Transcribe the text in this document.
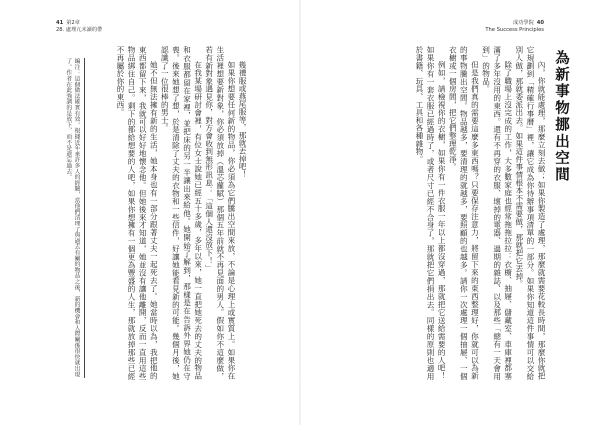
41 第2章
28. 處理亢未讀的帶

幾禮服或燕尾服等，那就丟掉吧！

如果你想要任何新的物品，你必須為它們騰出空間來放，不論是心理上或實質上。如果你在生活裡想要新對象，你必須放掉（溫芯蘿賦）那個五年前就不再見面的男人。假如你不這麼做，若有新對象遇見你，對方會收到無形訊息：「這個人還沒放下！」

在我某場研討會裡，有位女士說她已經五十多歲，多年以來，她一直把她死去的丈夫的物品和衣服都留在家裡，並把床的另一半讓出來給他。她開始了解到，那樣是在告訴外界她仍在守喪。後來她想了想，於是清除了丈夫的衣物和一些信件，好讓她能看見新的可能。幾個月後，她認識了一位很棒的男士。

她不但無法擁有新的生活，她本身也有一部分跟著丈夫一起死去了。她當時以為，我把他的東西都留下來，我就可以好好地懷念他。但她後來才知道，她並沒有讓他離開，反而一直用這些物品綁住自己。剩下的都給想要的人吧，如果你想擁有一個更為豐盛的人生，那就放掉那些已經不再屬於你的東西。

編注：這個做法確實有效。根據近年來許多人的經驗，當他們清理了與過去有關的物品之後，新的機會和人際關係很快就出現了。作者在此強調的是放下，而不是遺忘過去。
成功學院 40
The Success Principles
為新事物挪出空間

內，你就能處理，那麼立刻去做；如果你製造了處理，那麼就需要花較長時間，那麼你就把它規劃到「精確行事曆」裡，讓它成為你待辦事項清單的一部分。如果你知道這件事情可以交給別人做，那就委派出去。如果這件事情根本不需要做，那就把它丟掉。

除了職場上沒完成的工作，大多數家庭也經常拖拖拉拉：衣櫥、抽屜、儲藏室、車庫裡都塞滿了多年沒用的東西。還有不再穿的衣服、壞掉的電器、過期的雜誌、以及那些「總有一天會用到」的物品。

但是我們真的需要這麼多東西嗎？只要保存注意力，將留下來的東西整理好，你就可以為新的事物騰出空間。物品越多，要清理的就越多，要照顧的也越多。請你一次處理一個抽屜、一個衣櫥或一個房間，把它們整理乾淨。

例如，請檢視你的衣櫥，如果你有一件衣服一年以上都沒穿過，那就把它送給需要的人吧！如果你有一套衣服已經過時了，或者尺寸已經不合身了，那就把它們捐出去。同樣的原則也適用於書籍、玩具、工具和各種雜物。
